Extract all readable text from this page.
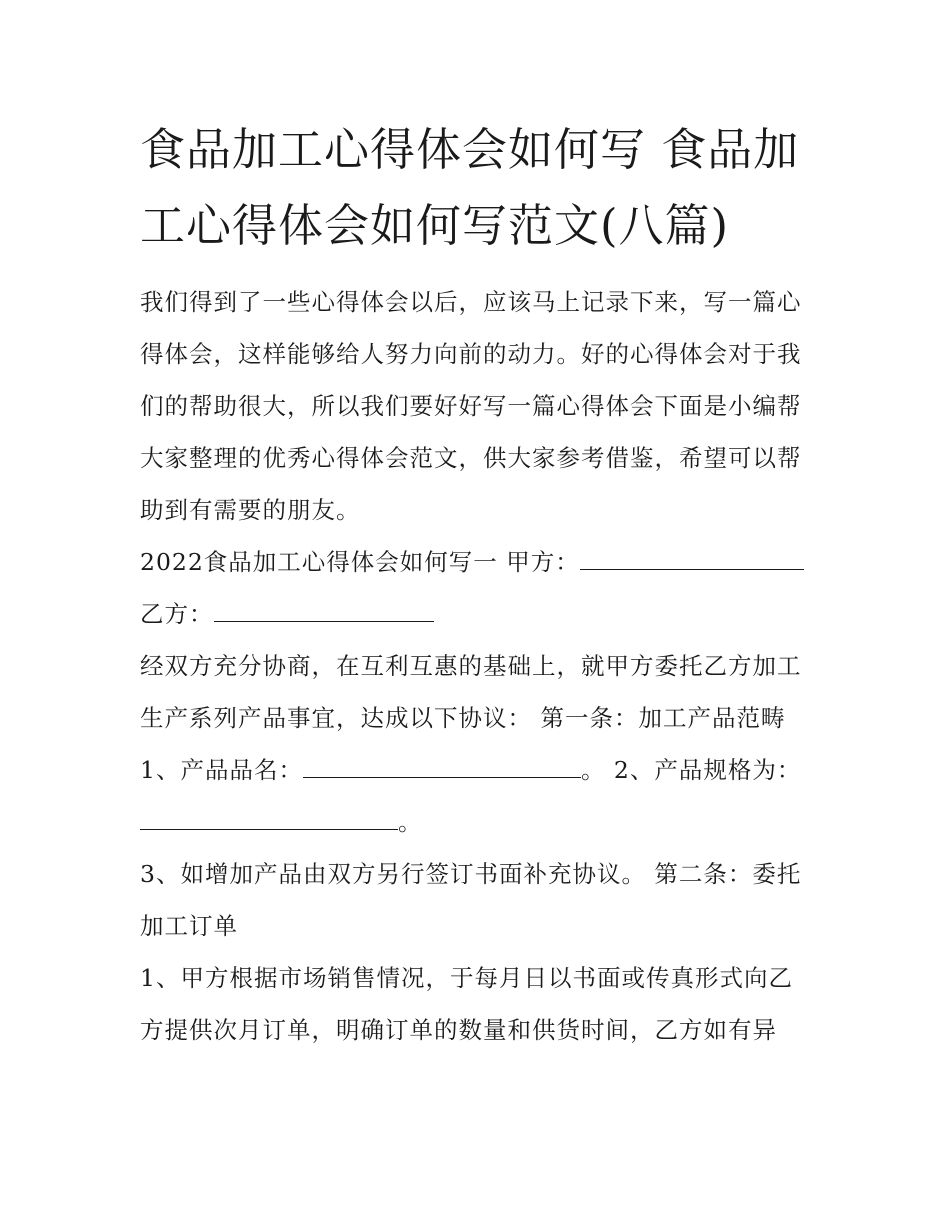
食品加工心得体会如何写 食品加工心得体会如何写范文(八篇)

我们得到了一些心得体会以后，应该马上记录下来，写一篇心得体会，这样能够给人努力向前的动力。好的心得体会对于我们的帮助很大，所以我们要好好写一篇心得体会下面是小编帮大家整理的优秀心得体会范文，供大家参考借鉴，希望可以帮助到有需要的朋友。

2022食品加工心得体会如何写一 甲方：

乙方：

经双方充分协商，在互利互惠的基础上，就甲方委托乙方加工生产系列产品事宜，达成以下协议： 第一条：加工产品范畴

1、产品品名：	。 2、产品规格为：

。

3、如增加产品由双方另行签订书面补充协议。 第二条：委托加工订单

1、甲方根据市场销售情况，于每月日以书面或传真形式向乙方提供次月订单，明确订单的数量和供货时间，乙方如有异
